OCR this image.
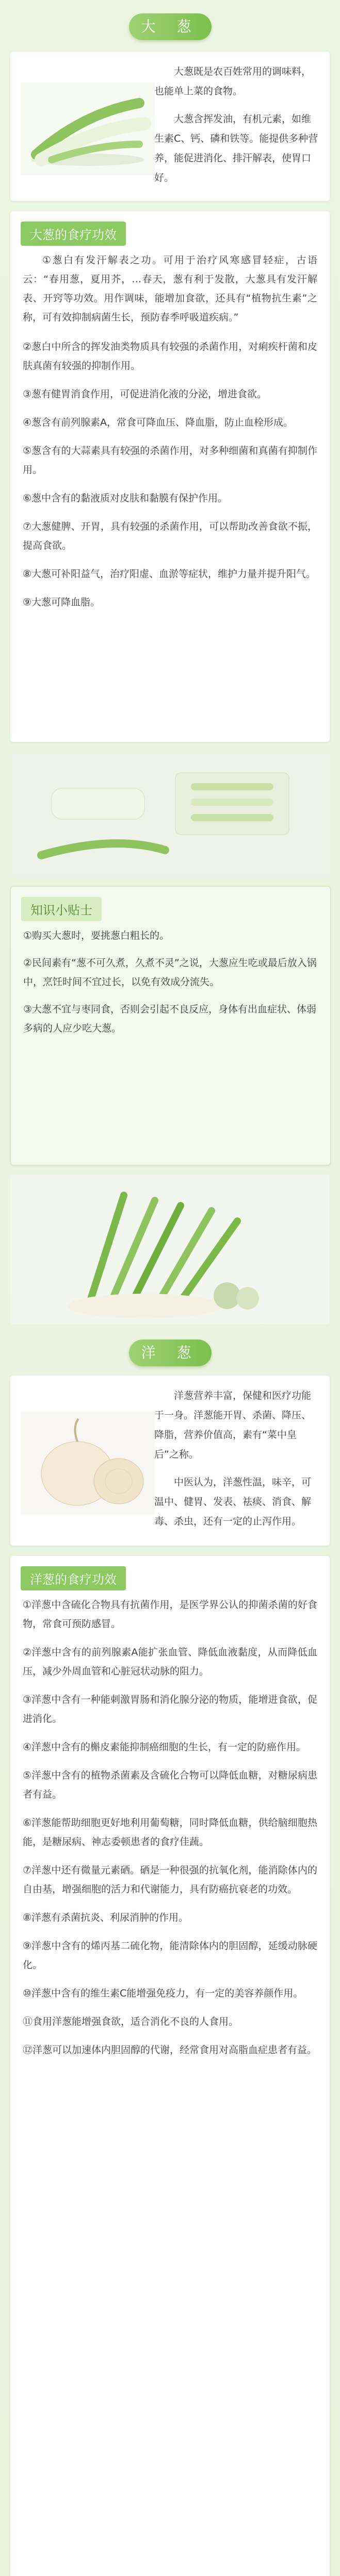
大 葱

大葱既是农百姓常用的调味料，也能单上菜的食物。

大葱含挥发油，有机元素，如维生素C、钙、磷和铁等。能提供多种营养，能促进消化、排汗解表，使胃口好。

大葱的食疗功效

①葱白有发汗解表之功。可用于治疗风寒感冒轻症，古语云：“春用葱，夏用芥，…春天，葱有利于发散，大葱具有发汗解表、开窍等功效。用作调味，能增加食欲，还具有“植物抗生素”之称，可有效抑制病菌生长，预防春季呼吸道疾病。”

②葱白中所含的挥发油类物质具有较强的杀菌作用，对痢疾杆菌和皮肤真菌有较强的抑制作用。

③葱有健胃消食作用，可促进消化液的分泌，增进食欲。

④葱含有前列腺素A，常食可降血压、降血脂，防止血栓形成。

⑤葱含有的大蒜素具有较强的杀菌作用，对多种细菌和真菌有抑制作用。

⑥葱中含有的黏液质对皮肤和黏膜有保护作用。

⑦大葱健脾、开胃，具有较强的杀菌作用，可以帮助改善食欲不振，提高食欲。

⑧大葱可补阳益气，治疗阳虚、血淤等症状，维护力量并提升阳气。

⑨大葱可降血脂。

知识小贴士

①购买大葱时，要挑葱白粗长的。

②民间素有“葱不可久煮，久煮不灵”之说，大葱应生吃或最后放入锅中，烹饪时间不宜过长，以免有效成分流失。

③大葱不宜与枣同食，否则会引起不良反应，身体有出血症状、体弱多病的人应少吃大葱。

洋 葱

洋葱营养丰富，保健和医疗功能于一身。洋葱能开胃、杀菌、降压、降脂，营养价值高，素有“菜中皇后”之称。

中医认为，洋葱性温，味辛，可温中、健胃、发表、祛痰、消食、解毒、杀虫，还有一定的止泻作用。

洋葱的食疗功效

①洋葱中含硫化合物具有抗菌作用，是医学界公认的抑菌杀菌的好食物，常食可预防感冒。

②洋葱中含有的前列腺素A能扩张血管、降低血液黏度，从而降低血压，减少外周血管和心脏冠状动脉的阻力。

③洋葱中含有一种能刺激胃肠和消化腺分泌的物质，能增进食欲，促进消化。

④洋葱中含有的槲皮素能抑制癌细胞的生长，有一定的防癌作用。

⑤洋葱中含有的植物杀菌素及含硫化合物可以降低血糖，对糖尿病患者有益。

⑥洋葱能帮助细胞更好地利用葡萄糖，同时降低血糖，供给脑细胞热能，是糖尿病、神志委顿患者的食疗佳蔬。

⑦洋葱中还有微量元素硒。硒是一种很强的抗氧化剂，能消除体内的自由基，增强细胞的活力和代谢能力，具有防癌抗衰老的功效。

⑧洋葱有杀菌抗炎、利尿消肿的作用。

⑨洋葱中含有的烯丙基二硫化物，能清除体内的胆固醇，延缓动脉硬化。

⑩洋葱中含有的维生素C能增强免疫力，有一定的美容养颜作用。

⑪食用洋葱能增强食欲，适合消化不良的人食用。

⑫洋葱可以加速体内胆固醇的代谢，经常食用对高脂血症患者有益。
